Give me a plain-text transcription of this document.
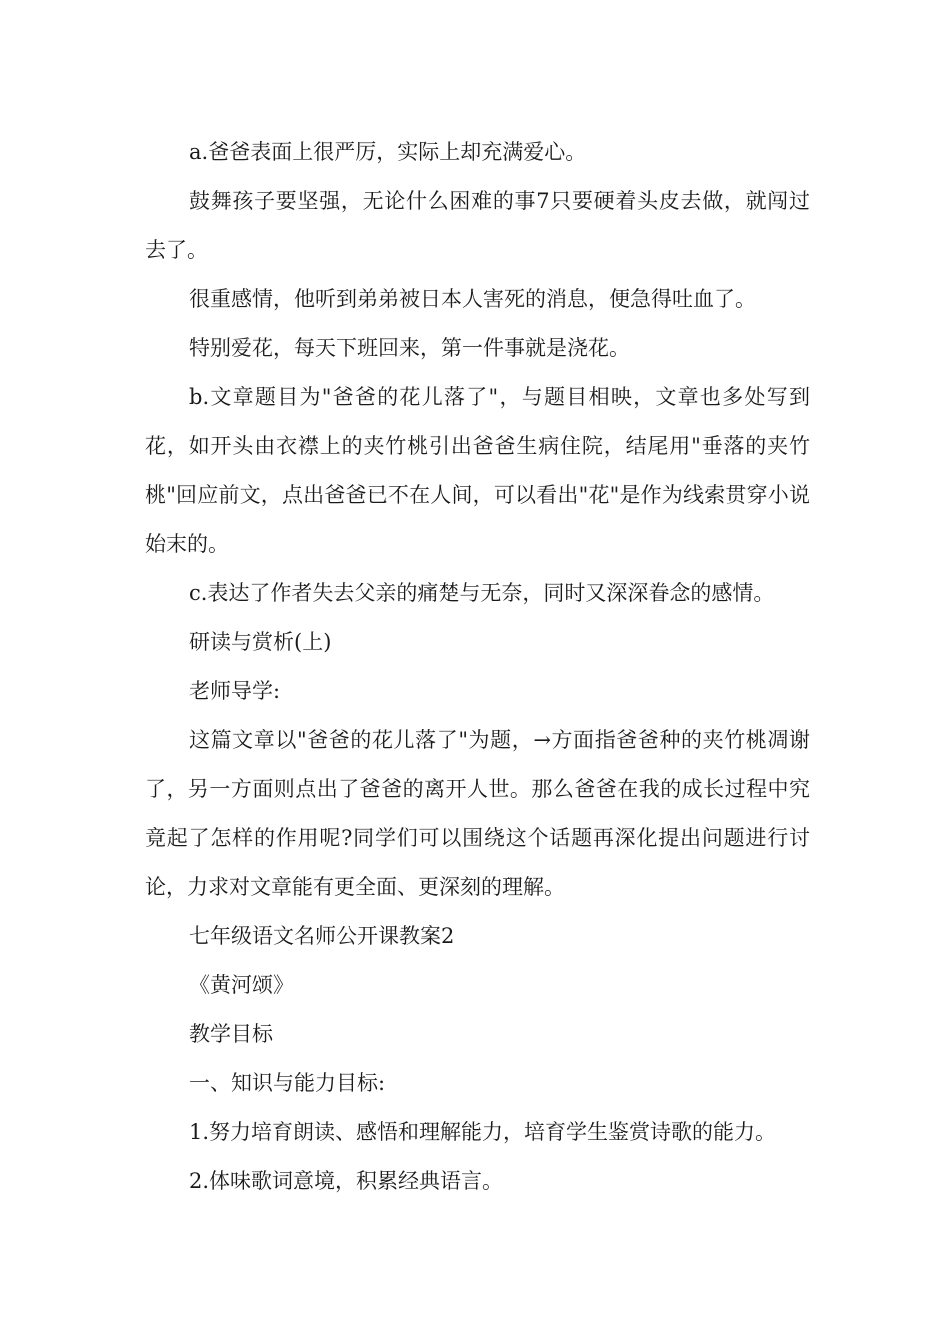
a.爸爸表面上很严厉，实际上却充满爱心。

鼓舞孩子要坚强，无论什么困难的事7只要硬着头皮去做，就闯过去了。

很重感情，他听到弟弟被日本人害死的消息，便急得吐血了。

特别爱花，每天下班回来，第一件事就是浇花。

b.文章题目为"爸爸的花儿落了"，与题目相映，文章也多处写到花，如开头由衣襟上的夹竹桃引出爸爸生病住院，结尾用"垂落的夹竹桃"回应前文，点出爸爸已不在人间，可以看出"花"是作为线索贯穿小说始末的。

c.表达了作者失去父亲的痛楚与无奈，同时又深深眷念的感情。

研读与赏析(上)

老师导学:

这篇文章以"爸爸的花儿落了"为题，→方面指爸爸种的夹竹桃凋谢了，另一方面则点出了爸爸的离开人世。那么爸爸在我的成长过程中究竟起了怎样的作用呢?同学们可以围绕这个话题再深化提出问题进行讨论，力求对文章能有更全面、更深刻的理解。

七年级语文名师公开课教案2

《黄河颂》

教学目标

一、知识与能力目标:

1.努力培育朗读、感悟和理解能力，培育学生鉴赏诗歌的能力。

2.体味歌词意境，积累经典语言。
